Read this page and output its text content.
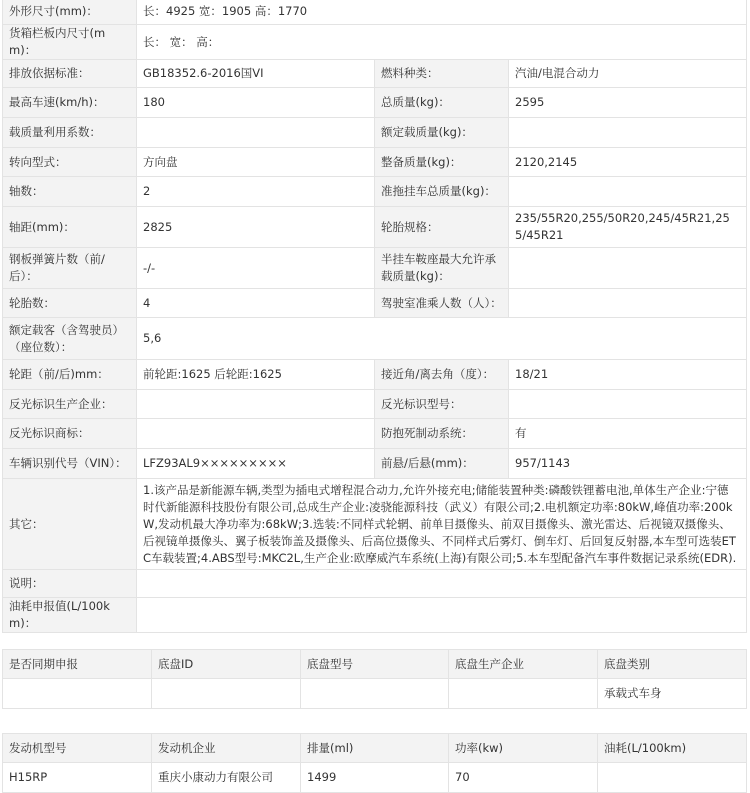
外形尺寸(mm)：	长：4925 宽：1905 高：1770		
货箱栏板内尺寸(mm)：	长： 宽： 高：		
排放依据标准：	GB18352.6-2016国VI	燃料种类：	汽油/电混合动力
最高车速(km/h)：	180	总质量(kg)：	2595
载质量利用系数：		额定载质量(kg)：	
转向型式：	方向盘	整备质量(kg)：	2120,2145
轴数：	2	准拖挂车总质量(kg)：	
轴距(mm)：	2825	轮胎规格：	235/55R20,255/50R20,245/45R21,255/45R21
钢板弹簧片数（前/后）：	-/-	半挂车鞍座最大允许承载质量(kg)：	
轮胎数：	4	驾驶室准乘人数（人）：	
额定载客（含驾驶员）（座位数）：	5,6		
轮距（前/后)mm：	前轮距:1625 后轮距:1625	接近角/离去角（度）：	18/21
反光标识生产企业：		反光标识型号：	
反光标识商标：		防抱死制动系统：	有
车辆识别代号（VIN）：	LFZ93AL9×××××××××	前悬/后悬(mm)：	957/1143
其它：	1.该产品是新能源车辆,类型为插电式增程混合动力,允许外接充电;储能装置种类:磷酸铁锂蓄电池,单体生产企业:宁德时代新能源科技股份有限公司,总成生产企业:凌骁能源科技（武义）有限公司;2.电机额定功率:80kW,峰值功率:200kW,发动机最大净功率为:68kW;3.选装:不同样式轮辋、前单目摄像头、前双目摄像头、激光雷达、后视镜双摄像头、后视镜单摄像头、翼子板装饰盖及摄像头、后高位摄像头、不同样式后雾灯、倒车灯、后回复反射器,本车型可选装ETC车载装置;4.ABS型号:MKC2L,生产企业:欧摩威汽车系统(上海)有限公司;5.本车型配备汽车事件数据记录系统(EDR).		
说明：			
油耗申报值(L/100km)：			
是否同期申报	底盘ID	底盘型号	底盘生产企业	底盘类别
				承载式车身
发动机型号	发动机企业	排量(ml)	功率(kw)	油耗(L/100km)
H15RP	重庆小康动力有限公司	1499	70	
